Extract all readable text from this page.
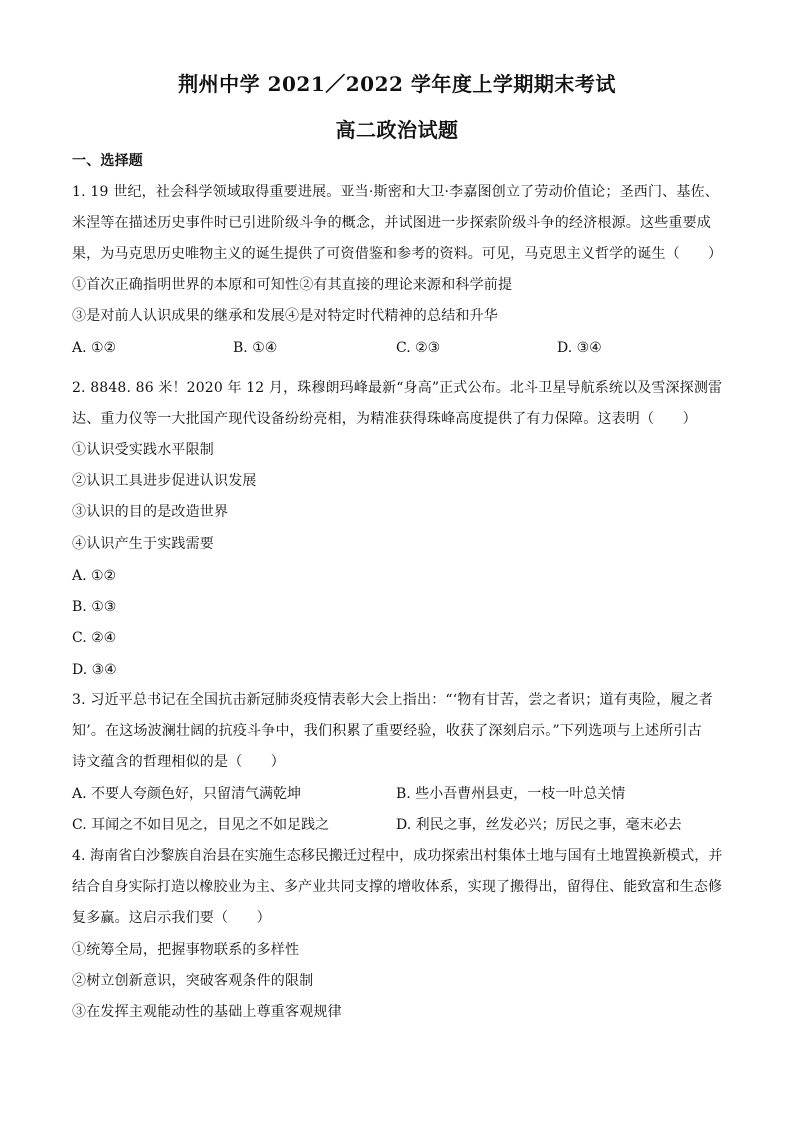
荆州中学 2021／2022 学年度上学期期末考试
高二政治试题
一、选择题
1. 19 世纪，社会科学领域取得重要进展。亚当·斯密和大卫·李嘉图创立了劳动价值论；圣西门、基佐、
米涅等在描述历史事件时已引进阶级斗争的概念，并试图进一步探索阶级斗争的经济根源。这些重要成
果，为马克思历史唯物主义的诞生提供了可资借鉴和参考的资料。可见，马克思主义哲学的诞生（　　）
①首次正确指明世界的本原和可知性②有其直接的理论来源和科学前提
③是对前人认识成果的继承和发展④是对特定时代精神的总结和升华
A. ①②	B. ①④	C. ②③	D. ③④
2. 8848. 86 米！2020 年 12 月，珠穆朗玛峰最新“身高”正式公布。北斗卫星导航系统以及雪深探测雷
达、重力仪等一大批国产现代设备纷纷亮相，为精准获得珠峰高度提供了有力保障。这表明（　　）
①认识受实践水平限制
②认识工具进步促进认识发展
③认识的目的是改造世界
④认识产生于实践需要
A. ①②
B. ①③
C. ②④
D. ③④
3. 习近平总书记在全国抗击新冠肺炎疫情表彰大会上指出：“‘物有甘苦，尝之者识；道有夷险，履之者
知’。在这场波澜壮阔的抗疫斗争中，我们积累了重要经验，收获了深刻启示。”下列选项与上述所引古
诗文蕴含的哲理相似的是（　　）
A. 不要人夸颜色好，只留清气满乾坤	B. 些小吾曹州县吏，一枝一叶总关情
C. 耳闻之不如目见之，目见之不如足践之	D. 利民之事，丝发必兴；厉民之事，毫末必去
4. 海南省白沙黎族自治县在实施生态移民搬迁过程中，成功探索出村集体土地与国有土地置换新模式，并
结合自身实际打造以橡胶业为主、多产业共同支撑的增收体系，实现了搬得出，留得住、能致富和生态修
复多赢。这启示我们要（　　）
①统筹全局，把握事物联系的多样性
②树立创新意识，突破客观条件的限制
③在发挥主观能动性的基础上尊重客观规律
